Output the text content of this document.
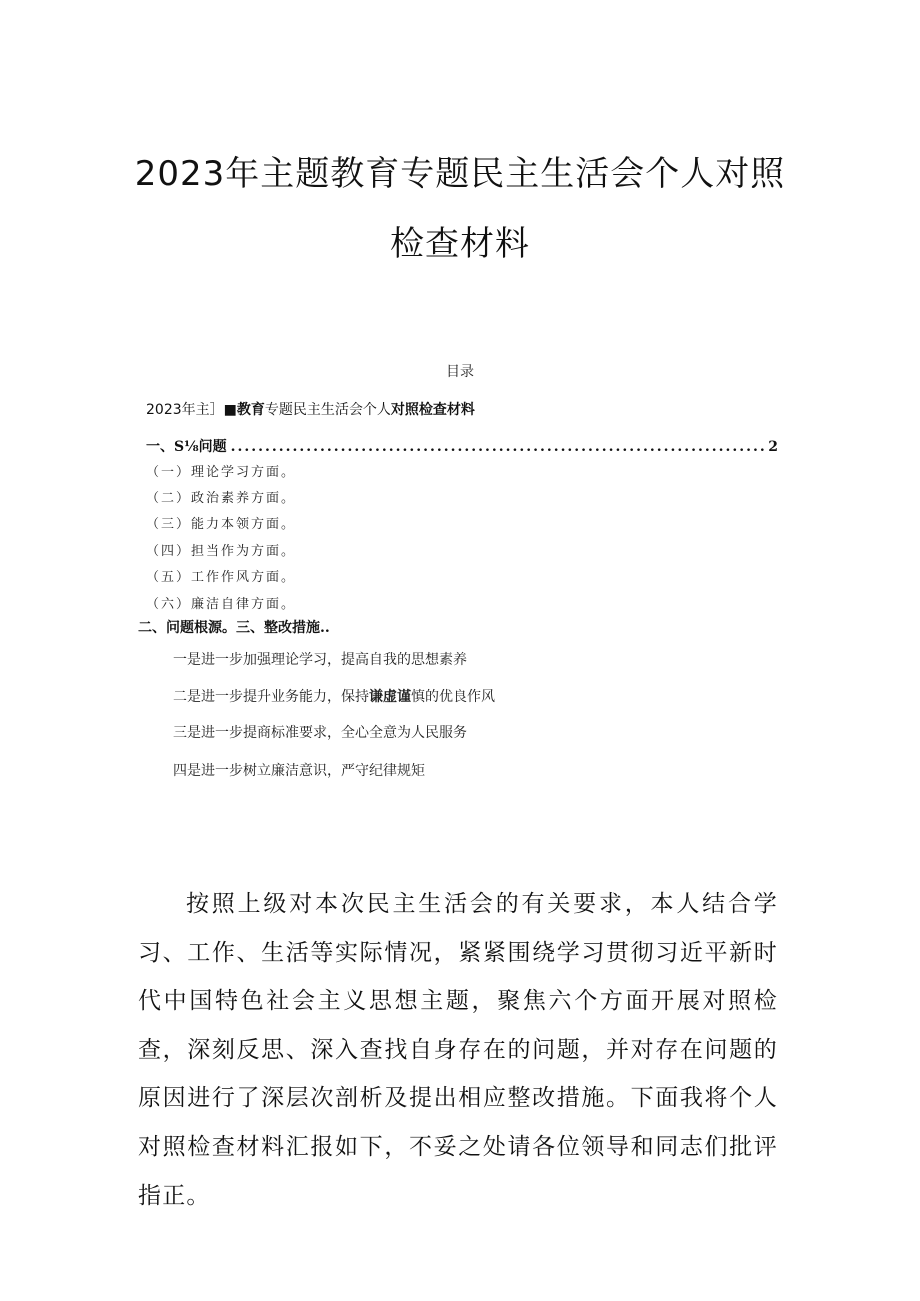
2023年主题教育专题民主生活会个人对照
检查材料
目录
2023年主］■教育专题民主生活会个人对照检查材料
一、S⅛问题
.....	2
（一）理论学习方面。
（二）政治素养方面。
（三）能力本领方面。
（四）担当作为方面。
（五）工作作风方面。
（六）廉洁自律方面。
二、问题根源。三、整改措施..
一是进一步加强理论学习，提高自我的思想素养
二是进一步提升业务能力，保持谦虚谨慎的优良作风
三是进一步提商标准要求，全心全意为人民服务
四是进一步树立廉洁意识，严守纪律规矩

按照上级对本次民主生活会的有关要求，本人结合学习、工作、生活等实际情况，紧紧围绕学习贯彻习近平新时代中国特色社会主义思想主题，聚焦六个方面开展对照检查，深刻反思、深入查找自身存在的问题，并对存在问题的原因进行了深层次剖析及提出相应整改措施。下面我将个人对照检查材料汇报如下，不妥之处请各位领导和同志们批评指正。
